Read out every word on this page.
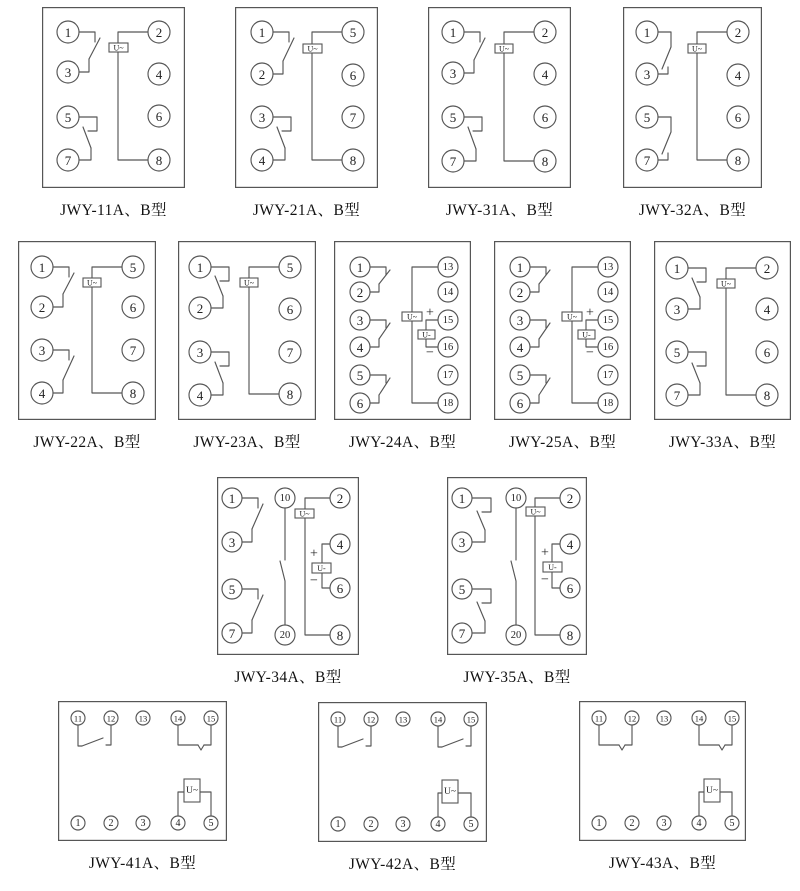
U~
1
3
5
7
2
4
6
8
JWY-11A、B型
U~
1
2
3
4
5
6
7
8
JWY-21A、B型
U~
1
3
5
7
2
4
6
8
JWY-31A、B型
U~
1
3
5
7
2
4
6
8
JWY-32A、B型
U~
1
2
3
4
5
6
7
8
JWY-22A、B型
U~
1
2
3
4
5
6
7
8
JWY-23A、B型
U~
U-
1
2
3
4
5
6
13
14
15
16
17
18
+
−
JWY-24A、B型
U~
U-
1
2
3
4
5
6
13
14
15
16
17
18
+
−
JWY-25A、B型
U~
1
3
5
7
2
4
6
8
JWY-33A、B型
U~
U-
1
3
5
7
10
20
2
4
6
8
+
−
JWY-34A、B型
U~
U-
1
3
5
7
10
20
2
4
6
8
+
−
JWY-35A、B型
U~
11	12	13	14	15
1	2	3	4	5
JWY-41A、B型
U~
11	12	13	14	15
1	2	3	4	5
JWY-42A、B型
U~
11	12	13	14	15
1	2	3	4	5
JWY-43A、B型
